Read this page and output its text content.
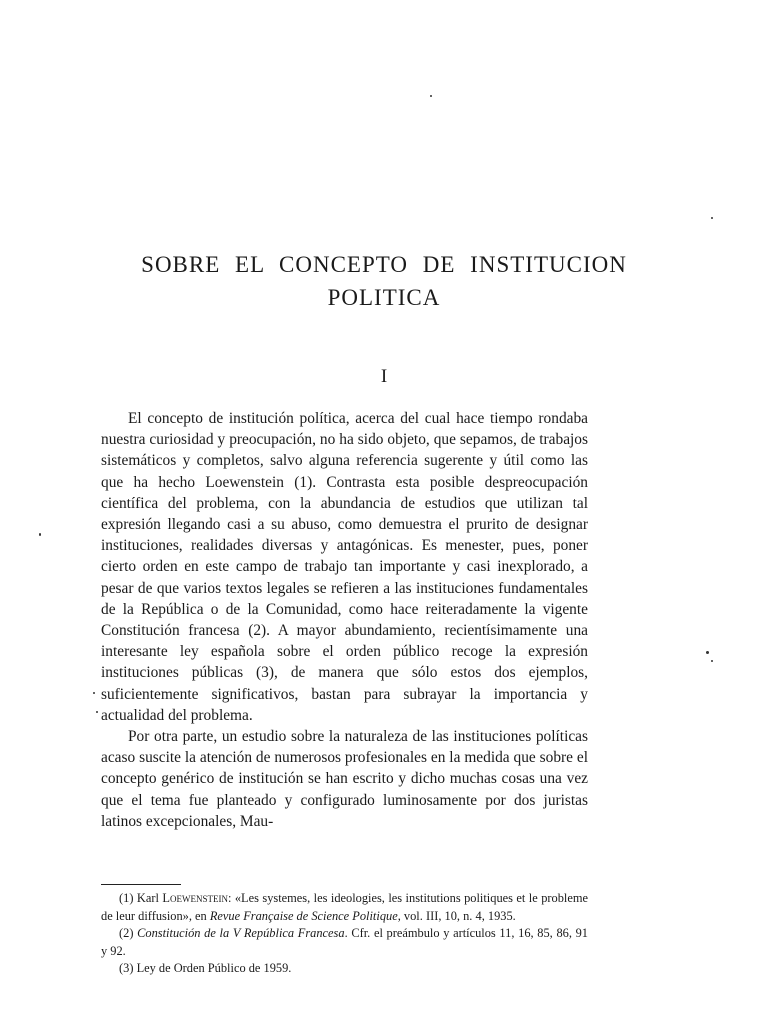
SOBRE EL CONCEPTO DE INSTITUCION
POLITICA
I

El concepto de institución política, acerca del cual hace tiempo rondaba nuestra curiosidad y preocupación, no ha sido objeto, que sepamos, de trabajos sistemáticos y completos, salvo alguna referencia sugerente y útil como las que ha hecho Loewenstein (1). Contrasta esta posible despreocupación científica del problema, con la abundancia de estudios que utilizan tal expresión llegando casi a su abuso, como demuestra el prurito de designar instituciones, realidades diversas y antagónicas. Es menester, pues, poner cierto orden en este campo de trabajo tan importante y casi inexplorado, a pesar de que varios textos legales se refieren a las instituciones fundamentales de la República o de la Comunidad, como hace reiteradamente la vigente Constitución francesa (2). A mayor abundamiento, recientísimamente una interesante ley española sobre el orden público recoge la expresión instituciones públicas (3), de manera que sólo estos dos ejemplos, suficientemente significativos, bastan para subrayar la importancia y actualidad del problema.

Por otra parte, un estudio sobre la naturaleza de las instituciones políticas acaso suscite la atención de numerosos profesionales en la medida que sobre el concepto genérico de institución se han escrito y dicho muchas cosas una vez que el tema fue planteado y configurado luminosamente por dos juristas latinos excepcionales, Mau-

(1) Karl Loewenstein: «Les systemes, les ideologies, les institutions politiques et le probleme de leur diffusion», en Revue Française de Science Politique, vol. III, 10, n. 4, 1935.

(2) Constitución de la V República Francesa. Cfr. el preámbulo y artículos 11, 16, 85, 86, 91 y 92.

(3) Ley de Orden Público de 1959.
